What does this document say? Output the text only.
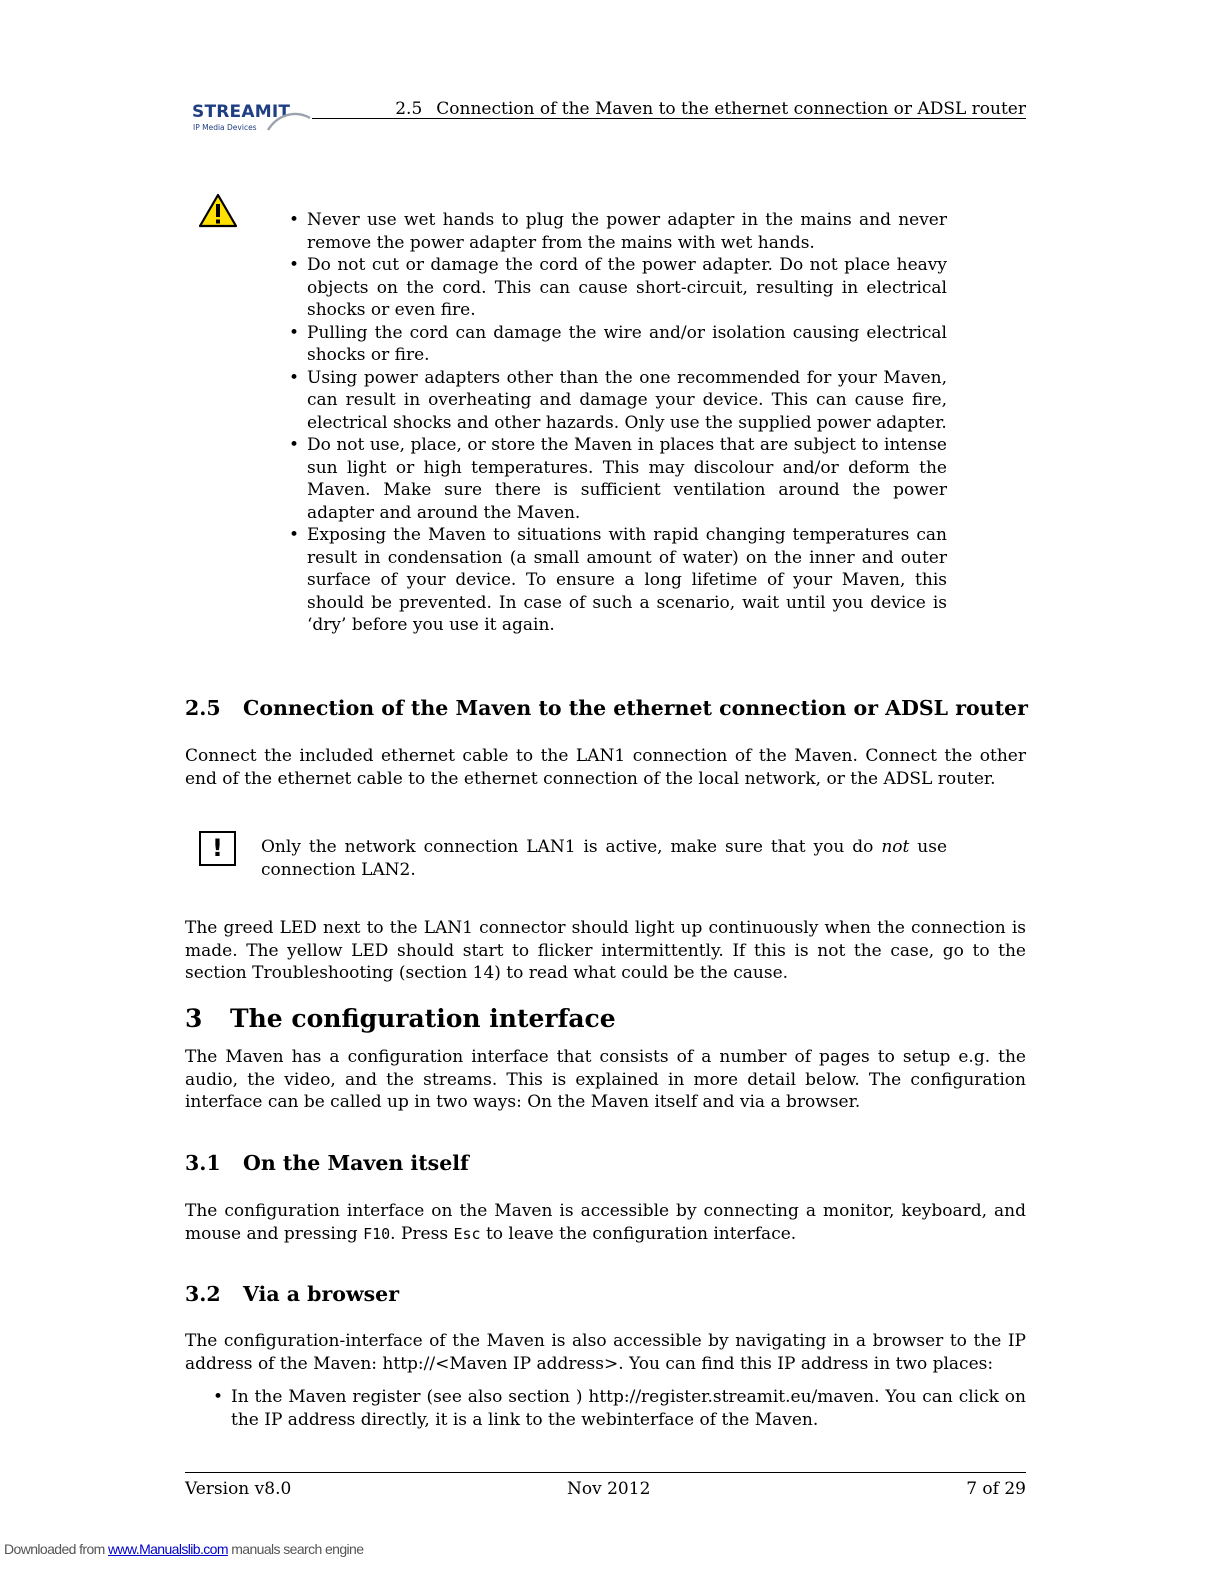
STREAMIT
IP Media Devices
2.5 Connection of the Maven to the ethernet connection or ADSL router
• Never use wet hands to plug the power adapter in the mains and never remove the power adapter from the mains with wet hands.
• Do not cut or damage the cord of the power adapter. Do not place heavy objects on the cord. This can cause short-circuit, resulting in electrical shocks or even fire.
• Pulling the cord can damage the wire and/or isolation causing electrical shocks or fire.
• Using power adapters other than the one recommended for your Maven, can result in overheating and damage your device. This can cause fire, electrical shocks and other hazards. Only use the supplied power adapter.
• Do not use, place, or store the Maven in places that are subject to intense sun light or high temperatures. This may discolour and/or deform the Maven. Make sure there is sufficient ventilation around the power adapter and around the Maven.
• Exposing the Maven to situations with rapid changing temperatures can result in condensation (a small amount of water) on the inner and outer surface of your device. To ensure a long lifetime of your Maven, this should be prevented. In case of such a scenario, wait until you device is ‘dry’ before you use it again.
2.5 Connection of the Maven to the ethernet connection or ADSL router
Connect the included ethernet cable to the LAN1 connection of the Maven. Connect the other end of the ethernet cable to the ethernet connection of the local network, or the ADSL router.
!	Only the network connection LAN1 is active, make sure that you do not use connection LAN2.
The greed LED next to the LAN1 connector should light up continuously when the connection is made. The yellow LED should start to flicker intermittently. If this is not the case, go to the section Troubleshooting (section 14) to read what could be the cause.
3 The configuration interface
The Maven has a configuration interface that consists of a number of pages to setup e.g. the audio, the video, and the streams. This is explained in more detail below. The configuration interface can be called up in two ways: On the Maven itself and via a browser.
3.1 On the Maven itself
The configuration interface on the Maven is accessible by connecting a monitor, keyboard, and mouse and pressing F10. Press Esc to leave the configuration interface.
3.2 Via a browser
The configuration-interface of the Maven is also accessible by navigating in a browser to the IP address of the Maven: http://<Maven IP address>. You can find this IP address in two places:
• In the Maven register (see also section ) http://register.streamit.eu/maven. You can click on the IP address directly, it is a link to the webinterface of the Maven.
Version v8.0	Nov 2012	7 of 29
Downloaded from www.Manualslib.com manuals search engine
